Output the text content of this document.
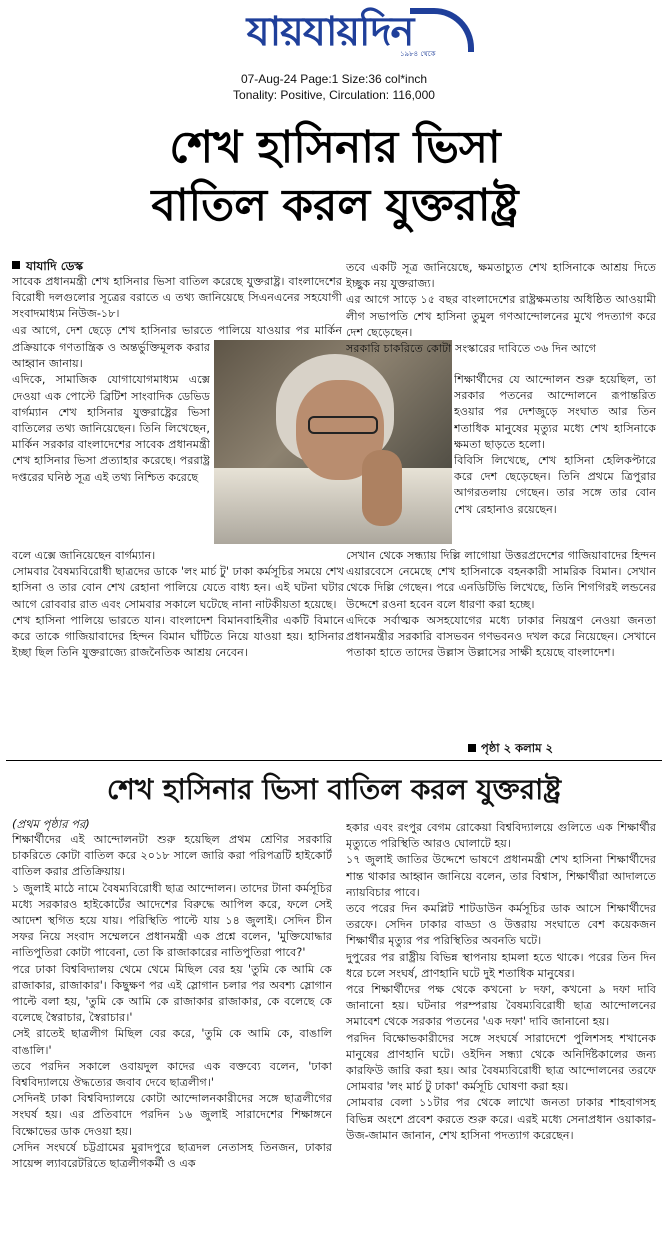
যায়যায়দিন
১৯৮৪ থেকে
07-Aug-24 Page:1 Size:36 col*inch
Tonality: Positive, Circulation: 116,000
শেখ হাসিনার ভিসা
বাতিল করল যুক্তরাষ্ট্র
যাযাদি ডেস্ক

সাবেক প্রধানমন্ত্রী শেখ হাসিনার ভিসা বাতিল করেছে যুক্তরাষ্ট্র। বাংলাদেশের বিরোধী দলগুলোর সূত্রের বরাতে এ তথ্য জানিয়েছে সিএনএনের সহযোগী সংবাদমাধ্যম নিউজ-১৮।

এর আগে, দেশ ছেড়ে শেখ হাসিনার ভারতে পালিয়ে যাওয়ার পর মার্কিন

প্রক্রিয়াকে গণতান্ত্রিক ও অন্তর্ভুক্তিমূলক করার আহ্বান জানায়।

এদিকে, সামাজিক যোগাযোগমাধ্যম এক্সে দেওয়া এক পোস্টে ব্রিটিশ সাংবাদিক ডেভিড বার্গম্যান শেখ হাসিনার যুক্তরাষ্ট্রের ভিসা বাতিলের তথ্য জানিয়েছেন। তিনি লিখেছেন, মার্কিন সরকার বাংলাদেশের সাবেক প্রধানমন্ত্রী শেখ হাসিনার ভিসা প্রত্যাহার করেছে। পররাষ্ট্র দপ্তরের ঘনিষ্ঠ সূত্র এই তথ্য নিশ্চিত করেছে

বলে এক্সে জানিয়েছেন বার্গম্যান।

সোমবার বৈষম্যবিরোধী ছাত্রদের ডাকে 'লং মার্চ টু' ঢাকা কর্মসূচির সময়ে শেখ হাসিনা ও তার বোন শেখ রেহানা পালিয়ে যেতে বাধ্য হন। এই ঘটনা ঘটার আগে রোববার রাত এবং সোমবার সকালে ঘটেছে নানা নাটকীয়তা হয়েছে।

শেখ হাসিনা পালিয়ে ভারতে যান। বাংলাদেশ বিমানবাহিনীর একটি বিমানে করে তাকে গাজিয়াবাদের হিন্দন বিমান ঘাঁটিতে নিয়ে যাওয়া হয়। হাসিনার ইচ্ছা ছিল তিনি যুক্তরাজ্যে রাজনৈতিক আশ্রয় নেবেন।

তবে একটি সূত্র জানিয়েছে, ক্ষমতাচ্যুত শেখ হাসিনাকে আশ্রয় দিতে ইচ্ছুক নয় যুক্তরাজ্য।

এর আগে সাড়ে ১৫ বছর বাংলাদেশের রাষ্ট্রক্ষমতায় অধিষ্ঠিত আওয়ামী লীগ সভাপতি শেখ হাসিনা তুমুল গণআন্দোলনের মুখে পদত্যাগ করে দেশ ছেড়েছেন।

সরকারি চাকরিতে কোটা সংস্কারের দাবিতে ৩৬ দিন আগে

শিক্ষার্থীদের যে আন্দোলন শুরু হয়েছিল, তা সরকার পতনের আন্দোলনে রূপান্তরিত হওয়ার পর দেশজুড়ে সংঘাত আর তিন শতাধিক মানুষের মৃত্যুর মধ্যে শেখ হাসিনাকে ক্ষমতা ছাড়তে হলো।

বিবিসি লিখেছে, শেখ হাসিনা হেলিকপ্টারে করে দেশ ছেড়েছেন। তিনি প্রথমে ত্রিপুরার আগরতলায় গেছেন। তার সঙ্গে তার বোন শেখ রেহানাও রয়েছেন।

সেখান থেকে সন্ধ্যায় দিল্লি লাগোয়া উত্তরপ্রদেশের গাজিয়াবাদের হিন্দন এয়ারবেসে নেমেছে শেখ হাসিনাকে বহনকারী সামরিক বিমান। সেখান থেকে দিল্লি গেছেন। পরে এনডিটিভি লিখেছে, তিনি শিগগিরই লন্ডনের উদ্দেশে রওনা হবেন বলে ধারণা করা হচ্ছে।

এদিকে সর্বাত্মক অসহযোগের মধ্যে ঢাকার নিয়ন্ত্রণ নেওয়া জনতা প্রধানমন্ত্রীর সরকারি বাসভবন গণভবনও দখল করে নিয়েছেন। সেখানে পতাকা হাতে তাদের উল্লাস উল্লাসের সাক্ষী হয়েছে বাংলাদেশ।

পৃষ্ঠা ২ কলাম ২
শেখ হাসিনার ভিসা বাতিল করল যুক্তরাষ্ট্র
(প্রথম পৃষ্ঠার পর)

শিক্ষার্থীদের এই আন্দোলনটা শুরু হয়েছিল প্রথম শ্রেণির সরকারি চাকরিতে কোটা বাতিল করে ২০১৮ সালে জারি করা পরিপত্রটি হাইকোর্ট বাতিল করার প্রতিক্রিয়ায়।

১ জুলাই মাঠে নামে বৈষম্যবিরোধী ছাত্র আন্দোলন। তাদের টানা কর্মসূচির মধ্যে সরকারও হাইকোর্টের আদেশের বিরুদ্ধে আপিল করে, ফলে সেই আদেশ স্থগিত হয়ে যায়। পরিস্থিতি পাল্টে যায় ১৪ জুলাই। সেদিন চীন সফর নিয়ে সংবাদ সম্মেলনে প্রধানমন্ত্রী এক প্রশ্নে বলেন, 'মুক্তিযোদ্ধার নাতিপুতিরা কোটা পাবেনা, তো কি রাজাকারের নাতিপুতিরা পাবে?'

পরে ঢাকা বিশ্ববিদ্যালয় থেমে থেমে মিছিল বের হয় 'তুমি কে আমি কে রাজাকার, রাজাকার'। কিছুক্ষণ পর এই স্লোগান চলার পর অবশ্য স্লোগান পাল্টে বলা হয়, 'তুমি কে আমি কে রাজাকার রাজাকার, কে বলেছে কে বলেছে স্বৈরাচার, স্বৈরাচার।'

সেই রাতেই ছাত্রলীগ মিছিল বের করে, 'তুমি কে আমি কে, বাঙালি বাঙালি।'

তবে পরদিন সকালে ওবায়দুল কাদের এক বক্তব্যে বলেন, 'ঢাকা বিশ্ববিদ্যালয়ে ঔদ্ধত্যের জবাব দেবে ছাত্রলীগ।'

সেদিনই ঢাকা বিশ্ববিদ্যালয়ে কোটা আন্দোলনকারীদের সঙ্গে ছাত্রলীগের সংঘর্ষ হয়। এর প্রতিবাদে পরদিন ১৬ জুলাই সারাদেশের শিক্ষাঙ্গনে বিক্ষোভের ডাক দেওয়া হয়।

সেদিন সংঘর্ষে চট্টগ্রামের মুরাদপুরে ছাত্রদল নেতাসহ তিনজন, ঢাকার সায়েন্স ল্যাবরেটরিতে ছাত্রলীগকর্মী ও এক

হকার এবং রংপুর বেগম রোকেয়া বিশ্ববিদ্যালয়ে গুলিতে এক শিক্ষার্থীর মৃত্যুতে পরিস্থিতি আরও ঘোলাটে হয়।

১৭ জুলাই জাতির উদ্দেশে ভাষণে প্রধানমন্ত্রী শেখ হাসিনা শিক্ষার্থীদের শান্ত থাকার আহ্বান জানিয়ে বলেন, তার বিশ্বাস, শিক্ষার্থীরা আদালতে ন্যায়বিচার পাবে।

তবে পরের দিন কমপ্লিট শাটডাউন কর্মসূচির ডাক আসে শিক্ষার্থীদের তরফে। সেদিন ঢাকার বাড্ডা ও উত্তরায় সংঘাতে বেশ কয়েকজন শিক্ষার্থীর মৃত্যুর পর পরিস্থিতির অবনতি ঘটে।

দুপুরের পর রাষ্ট্রীয় বিভিন্ন স্থাপনায় হামলা হতে থাকে। পরের তিন দিন ধরে চলে সংঘর্ষ, প্রাণহানি ঘটে দুই শতাধিক মানুষের।

পরে শিক্ষার্থীদের পক্ষ থেকে কখনো ৮ দফা, কখনো ৯ দফা দাবি জানানো হয়। ঘটনার পরম্পরায় বৈষম্যবিরোধী ছাত্র আন্দোলনের সমাবেশ থেকে সরকার পতনের 'এক দফা' দাবি জানানো হয়।

পরদিন বিক্ষোভকারীদের সঙ্গে সংঘর্ষে সারাদেশে পুলিশসহ শখানেক মানুষের প্রাণহানি ঘটে। ওইদিন সন্ধ্যা থেকে অনির্দিষ্টকালের জন্য কারফিউ জারি করা হয়। আর বৈষম্যবিরোধী ছাত্র আন্দোলনের তরফে সোমবার 'লং মার্চ টু ঢাকা' কর্মসূচি ঘোষণা করা হয়।

সোমবার বেলা ১১টার পর থেকে লাখো জনতা ঢাকার শাহবাগসহ বিভিন্ন অংশে প্রবেশ করতে শুরু করে। এরই মধ্যে সেনাপ্রধান ওয়াকার-উজ-জামান জানান, শেখ হাসিনা পদত্যাগ করেছেন।
